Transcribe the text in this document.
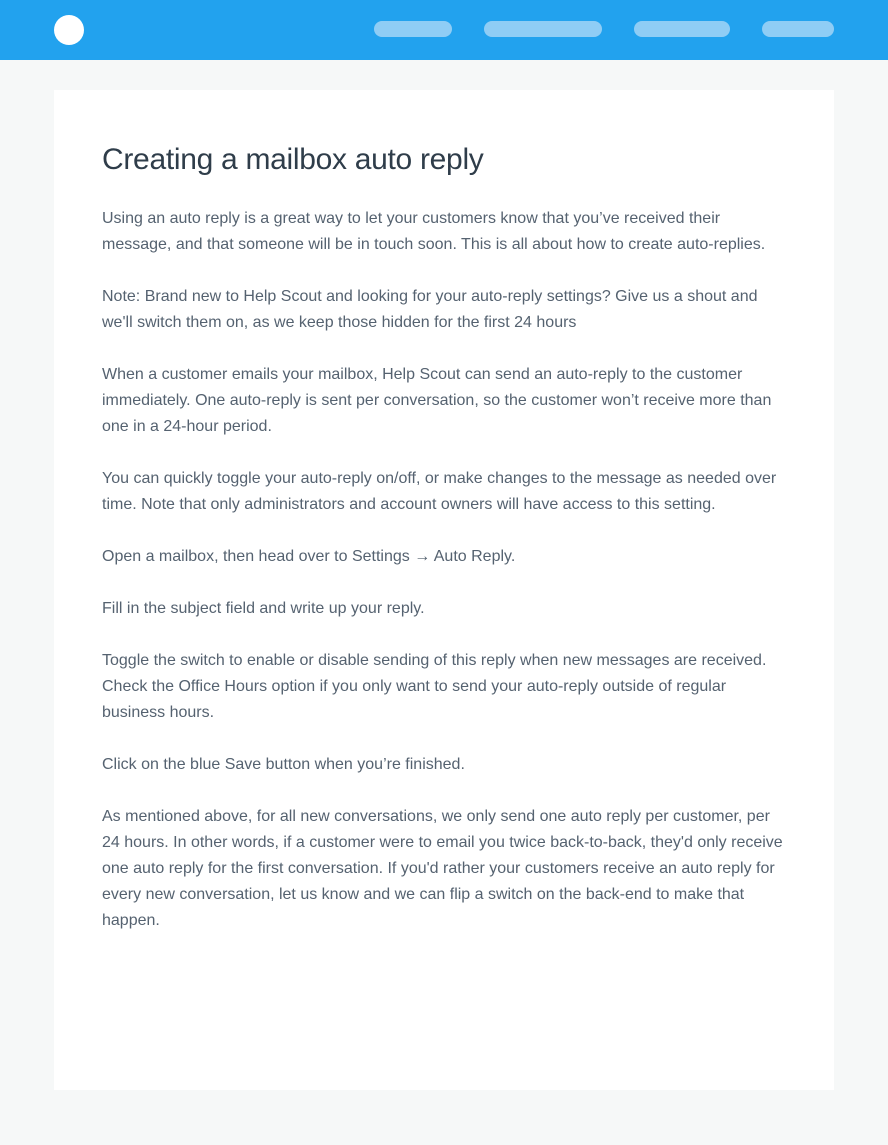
Creating a mailbox auto reply

Using an auto reply is a great way to let your customers know that you’ve received their message, and that someone will be in touch soon. This is all about how to create auto-replies.

Note: Brand new to Help Scout and looking for your auto-reply settings? Give us a shout and we'll switch them on, as we keep those hidden for the first 24 hours

When a customer emails your mailbox, Help Scout can send an auto-reply to the customer immediately. One auto-reply is sent per conversation, so the customer won’t receive more than one in a 24-hour period.

You can quickly toggle your auto-reply on/off, or make changes to the message as needed over time. Note that only administrators and account owners will have access to this setting.

Open a mailbox, then head over to Settings → Auto Reply.

Fill in the subject field and write up your reply.

Toggle the switch to enable or disable sending of this reply when new messages are received. Check the Office Hours option if you only want to send your auto-reply outside of regular business hours.

Click on the blue Save button when you’re finished.

As mentioned above, for all new conversations, we only send one auto reply per customer, per 24 hours. In other words, if a customer were to email you twice back-to-back, they'd only receive one auto reply for the first conversation. If you'd rather your customers receive an auto reply for every new conversation, let us know and we can flip a switch on the back-end to make that happen.
